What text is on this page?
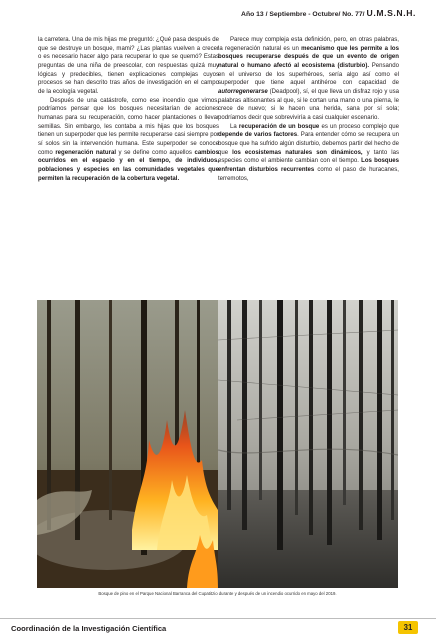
Año 13 / Septiembre - Octubre/ No. 77/ U.M.S.N.H.

la carretera. Una de mis hijas me preguntó: ¿Qué pasa después de que se destruye un bosque, mami? ¿Las plantas vuelven a crecer o es necesario hacer algo para recuperar lo que se quemó? Estas preguntas de una niña de preescolar, con respuestas quizá muy lógicas y predecibles, tienen explicaciones complejas cuyos procesos se han descrito tras años de investigación en el campo de la ecología vegetal.

Después de una catástrofe, como ese incendio que vimos, podríamos pensar que los bosques necesitarían de acciones humanas para su recuperación, como hacer plantaciones o llevar semillas. Sin embargo, les contaba a mis hijas que los bosques tienen un superpoder que les permite recuperarse casi siempre por sí solos sin la intervención humana. Este superpoder se conoce como regeneración natural y se define como aquellos cambios ocurridos en el espacio y en el tiempo, de individuos, poblaciones y especies en las comunidades vegetales que permiten la recuperación de la cobertura vegetal.

Parece muy compleja esta definición, pero, en otras palabras, la regeneración natural es un mecanismo que les permite a los bosques recuperarse después de que un evento de origen natural o humano afectó al ecosistema (disturbio). Pensando en el universo de los superhéroes, sería algo así como el superpoder que tiene aquel antihéroe con capacidad de autorregenerarse (Deadpool), sí, el que lleva un disfraz rojo y usa palabras altisonantes al que, si le cortan una mano o una pierna, le crece de nuevo; si le hacen una herida, sana por sí sola; podríamos decir que sobreviviría a casi cualquier escenario.

La recuperación de un bosque es un proceso complejo que depende de varios factores. Para entender cómo se recupera un bosque que ha sufrido algún disturbio, debemos partir del hecho de que los ecosistemas naturales son dinámicos, y tanto las especies como el ambiente cambian con el tiempo. Los bosques enfrentan disturbios recurrentes como el paso de huracanes, terremotos,

Bosque de pino en el Parque Nacional Barranca del Cupatitzio durante y después de un incendio ocurrido en mayo del 2019.
Coordinación de la Investigación Científica	31
